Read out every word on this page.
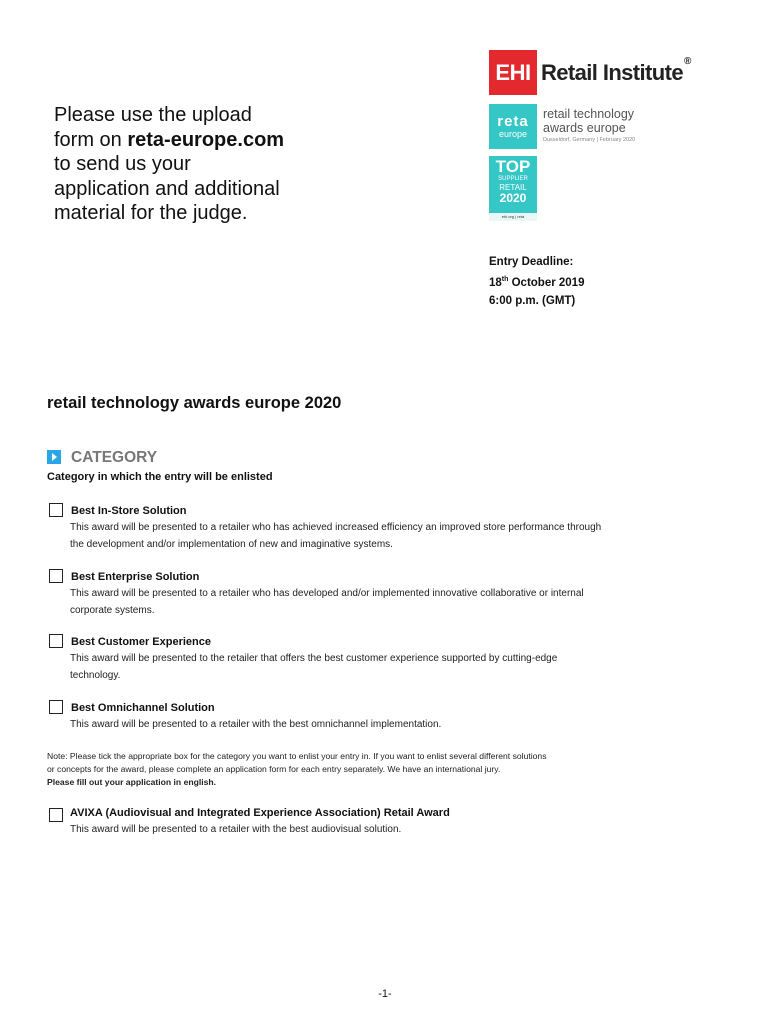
Please use the upload
form on reta-europe.com
to send us your
application and additional
material for the judge.
EHI Retail Institute®
reta
europe
retail technology
awards europe
Dusseldorf, Germany | February 2020
TOP
SUPPLIER
RETAIL
2020
ehi.org | reta
Entry Deadline:
18th October 2019
6:00 p.m. (GMT)
retail technology awards europe 2020
CATEGORY
Category in which the entry will be enlisted
Best In-Store Solution
This award will be presented to a retailer who has achieved increased efficiency an improved store performance through
the development and/or implementation of new and imaginative systems.
Best Enterprise Solution
This award will be presented to a retailer who has developed and/or implemented innovative collaborative or internal
corporate systems.
Best Customer Experience
This award will be presented to the retailer that offers the best customer experience supported by cutting-edge
technology.
Best Omnichannel Solution
This award will be presented to a retailer with the best omnichannel implementation.
Note: Please tick the appropriate box for the category you want to enlist your entry in. If you want to enlist several different solutions
or concepts for the award, please complete an application form for each entry separately. We have an international jury.
Please fill out your application in english.
AVIXA (Audiovisual and Integrated Experience Association) Retail Award
This award will be presented to a retailer with the best audiovisual solution.
-1-
